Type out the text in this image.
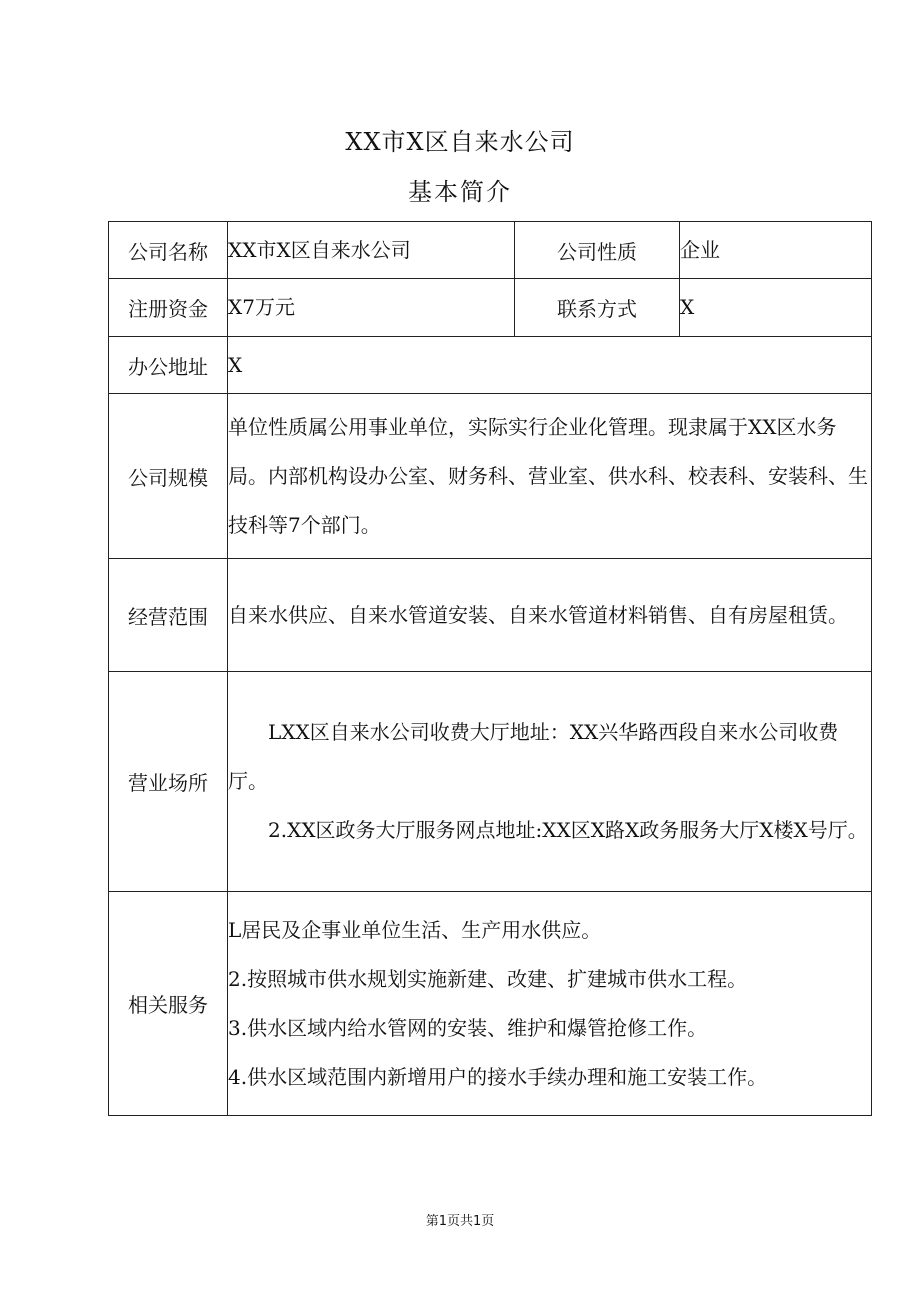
XX市X区自来水公司
基本简介
公司名称	XX市X区自来水公司	公司性质	企业
注册资金	X7万元	联系方式	X
办公地址	X		
公司规模	单位性质属公用事业单位，实际实行企业化管理。现隶属于XX区水务局。内部机构设办公室、财务科、营业室、供水科、校表科、安装科、生技科等7个部门。		
经营范围	自来水供应、自来水管道安装、自来水管道材料销售、自有房屋租赁。		
营业场所	LXX区自来水公司收费大厅地址：XX兴华路西段自来水公司收费厅。
2.XX区政务大厅服务网点地址:XX区X路X政务服务大厅X楼X号厅。		

相关服务	L居民及企事业单位生活、生产用水供应。
2.按照城市供水规划实施新建、改建、扩建城市供水工程。
3.供水区域内给水管网的安装、维护和爆管抢修工作。
4.供水区域范围内新增用户的接水手续办理和施工安装工作。		
第1页共1页
